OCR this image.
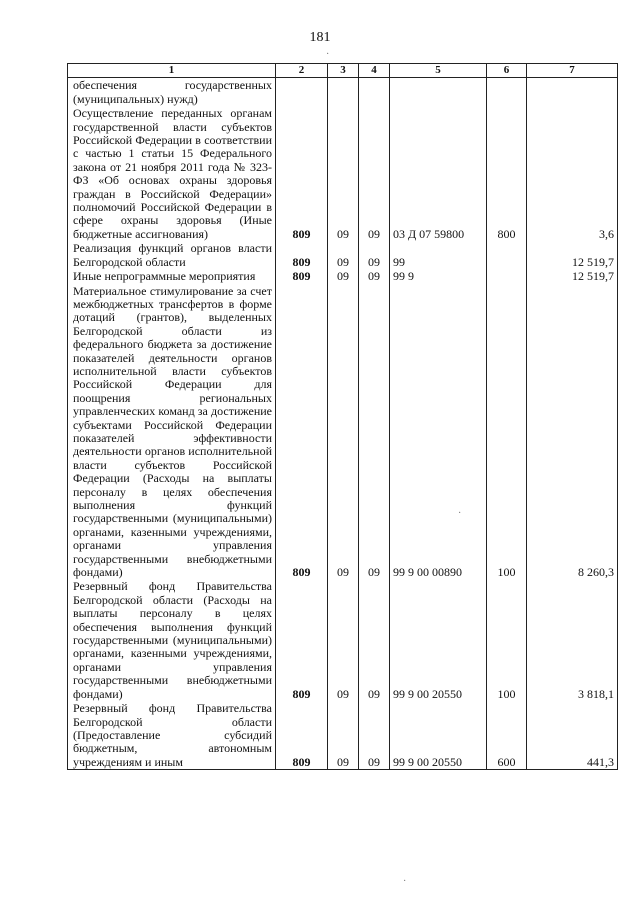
181
1	2	3	4	5	6	7
обеспечения государственных (муниципальных) нужд)						
Осуществление переданных органам государственной власти субъектов Российской Федерации в соответствии с частью 1 статьи 15 Федерального закона от 21 ноября 2011 года № 323-ФЗ «Об основах охраны здоровья граждан в Российской Федерации» полномочий Российской Федерации в сфере охраны здоровья (Иные бюджетные ассигнования)	809	09	09	03 Д 07 59800	800	3,6
Реализация функций органов власти Белгородской области	809	09	09	99		12 519,7
Иные непрограммные мероприятия	809	09	09	99 9		12 519,7
Материальное стимулирование за счет межбюджетных трансфертов в форме дотаций (грантов), выделенных Белгородской области из федерального бюджета за достижение показателей деятельности органов исполнительной власти субъектов Российской Федерации для поощрения региональных управленческих команд за достижение субъектами Российской Федерации показателей эффективности деятельности органов исполнительной власти субъектов Российской Федерации (Расходы на выплаты персоналу в целях обеспечения выполнения функций государственными (муниципальными) органами, казенными учреждениями, органами управления государственными внебюджетными фондами)	809	09	09	99 9 00 00890	100	8 260,3
Резервный фонд Правительства Белгородской области (Расходы на выплаты персоналу в целях обеспечения выполнения функций государственными (муниципальными) органами, казенными учреждениями, органами управления государственными внебюджетными фондами)	809	09	09	99 9 00 20550	100	3 818,1
Резервный фонд Правительства Белгородской области (Предоставление субсидий бюджетным, автономным учреждениям и иным	809	09	09	99 9 00 20550	600	441,3
·
·
·
